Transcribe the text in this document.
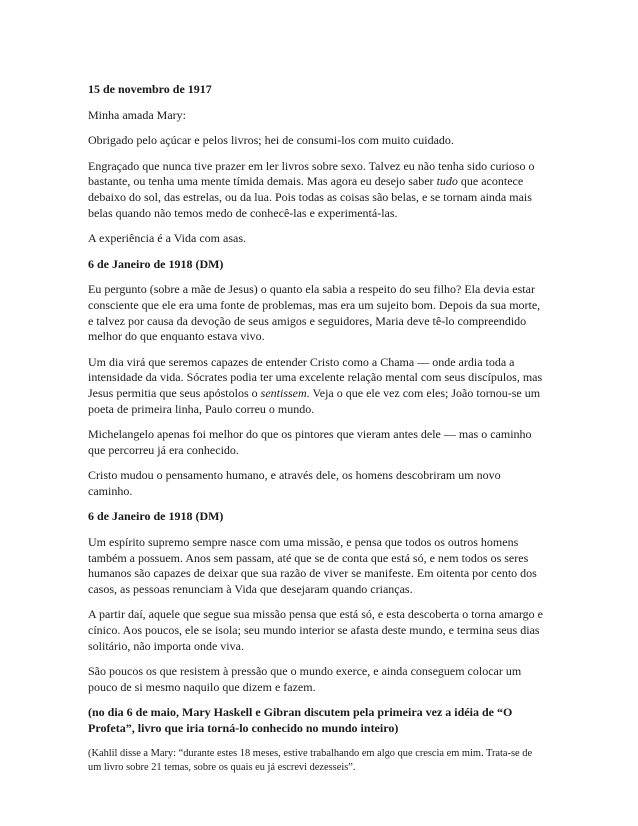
15 de novembro de 1917

Minha amada Mary:

Obrigado pelo açúcar e pelos livros; hei de consumi-los com muito cuidado.

Engraçado que nunca tive prazer em ler livros sobre sexo. Talvez eu não tenha sido curioso o bastante, ou tenha uma mente tímida demais. Mas agora eu desejo saber tudo que acontece debaixo do sol, das estrelas, ou da lua. Pois todas as coisas são belas, e se tornam ainda mais belas quando não temos medo de conhecê-las e experimentá-las.

A experiência é a Vida com asas.

6 de Janeiro de 1918 (DM)

Eu pergunto (sobre a mãe de Jesus) o quanto ela sabia a respeito do seu filho? Ela devia estar consciente que ele era uma fonte de problemas, mas era um sujeito bom. Depois da sua morte, e talvez por causa da devoção de seus amigos e seguidores, Maria deve tê-lo compreendido melhor do que enquanto estava vivo.

Um dia virá que seremos capazes de entender Cristo como a Chama — onde ardia toda a intensidade da vida. Sócrates podia ter uma excelente relação mental com seus discípulos, mas Jesus permitia que seus apóstolos o sentissem. Veja o que ele vez com eles; João tornou-se um poeta de primeira linha, Paulo correu o mundo.

Michelangelo apenas foi melhor do que os pintores que vieram antes dele — mas o caminho que percorreu já era conhecido.

Cristo mudou o pensamento humano, e através dele, os homens descobriram um novo caminho.

6 de Janeiro de 1918 (DM)

Um espírito supremo sempre nasce com uma missão, e pensa que todos os outros homens também a possuem. Anos sem passam, até que se de conta que está só, e nem todos os seres humanos são capazes de deixar que sua razão de viver se manifeste. Em oitenta por cento dos casos, as pessoas renunciam à Vida que desejaram quando crianças.

A partir daí, aquele que segue sua missão pensa que está só, e esta descoberta o torna amargo e cínico. Aos poucos, ele se isola; seu mundo interior se afasta deste mundo, e termina seus dias solitário, não importa onde viva.

São poucos os que resistem à pressão que o mundo exerce, e ainda conseguem colocar um pouco de si mesmo naquilo que dizem e fazem.

(no dia 6 de maio, Mary Haskell e Gibran discutem pela primeira vez a idéia de “O Profeta”, livro que iria torná-lo conhecido no mundo inteiro)

(Kahlil disse a Mary: “durante estes 18 meses, estive trabalhando em algo que crescia em mim. Trata-se de um livro sobre 21 temas, sobre os quais eu já escrevi dezesseis”.
